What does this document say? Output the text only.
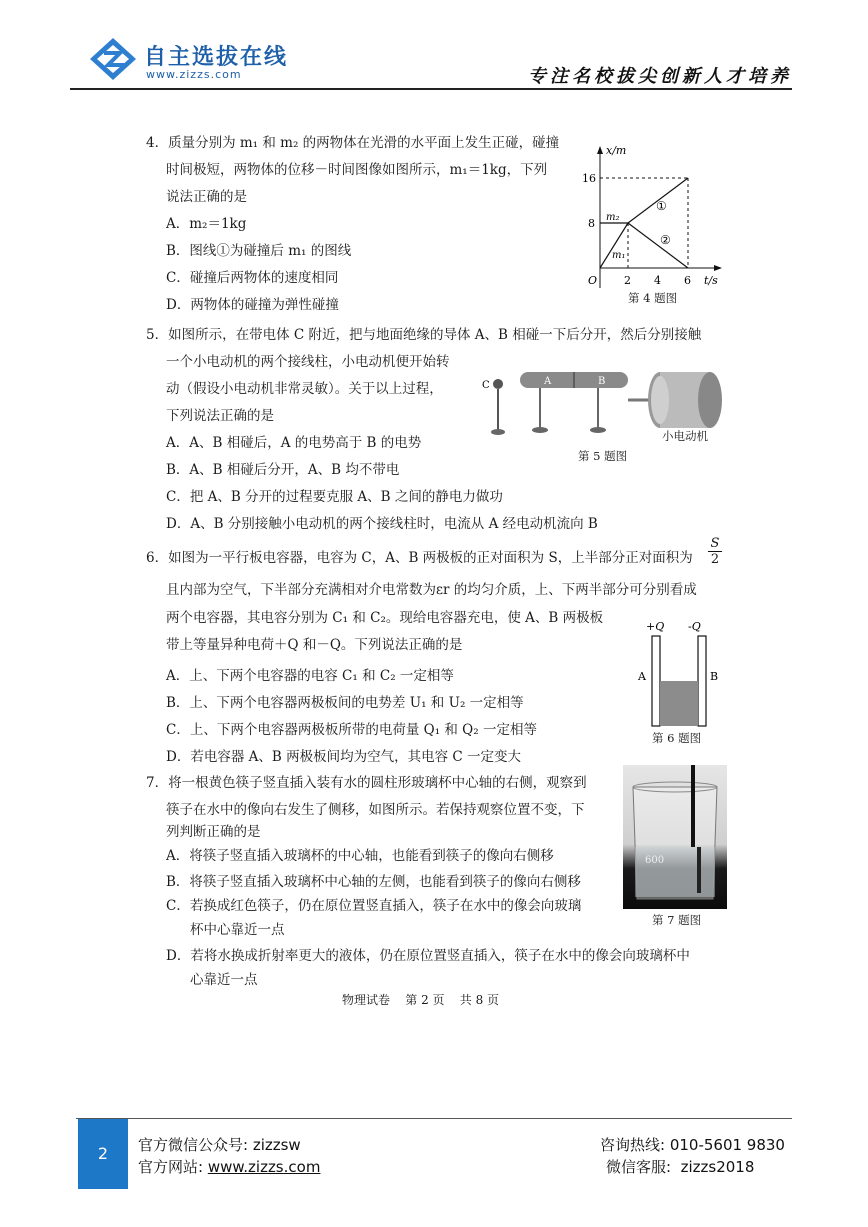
自主选拔在线
www.zizzs.com	专注名校拔尖创新人才培养
4．质量分别为 m₁ 和 m₂ 的两物体在光滑的水平面上发生正碰，碰撞
时间极短，两物体的位移－时间图像如图所示，m₁＝1kg，下列
说法正确的是
A．m₂＝1kg
B．图线①为碰撞后 m₁ 的图线
C．碰撞后两物体的速度相同
D．两物体的碰撞为弹性碰撞
x/m
t/s
O
16
8
2 4 6
m₂
m₁
①
②
第 4 题图
5．如图所示，在带电体 C 附近，把与地面绝缘的导体 A、B 相碰一下后分开，然后分别接触
一个小电动机的两个接线柱，小电动机便开始转
动（假设小电动机非常灵敏）。关于以上过程，
下列说法正确的是
A．A、B 相碰后，A 的电势高于 B 的电势
B．A、B 相碰后分开，A、B 均不带电
C．把 A、B 分开的过程要克服 A、B 之间的静电力做功
D．A、B 分别接触小电动机的两个接线柱时，电流从 A 经电动机流向 B
C	A	B
小电动机
第 5 题图
6．如图为一平行板电容器，电容为 C，A、B 两极板的正对面积为 S，上半部分正对面积为
S
2
且内部为空气，下半部分充满相对介电常数为εr 的均匀介质，上、下两半部分可分别看成
两个电容器，其电容分别为 C₁ 和 C₂。现给电容器充电，使 A、B 两极板
带上等量异种电荷＋Q 和－Q。下列说法正确的是
A．上、下两个电容器的电容 C₁ 和 C₂ 一定相等
B．上、下两个电容器两极板间的电势差 U₁ 和 U₂ 一定相等
C．上、下两个电容器两极板所带的电荷量 Q₁ 和 Q₂ 一定相等
D．若电容器 A、B 两极板间均为空气，其电容 C 一定变大
+Q -Q
A	B
第 6 题图
7．将一根黄色筷子竖直插入装有水的圆柱形玻璃杯中心轴的右侧，观察到
筷子在水中的像向右发生了侧移，如图所示。若保持观察位置不变，下
列判断正确的是
A．将筷子竖直插入玻璃杯的中心轴，也能看到筷子的像向右侧移
B．将筷子竖直插入玻璃杯中心轴的左侧，也能看到筷子的像向右侧移
C．若换成红色筷子，仍在原位置竖直插入，筷子在水中的像会向玻璃
杯中心靠近一点
D．若将水换成折射率更大的液体，仍在原位置竖直插入，筷子在水中的像会向玻璃杯中
心靠近一点
600
第 7 题图
物理试卷    第 2 页    共 8 页
2	官方微信公众号: zizzsw
官方网站: www.zizzs.com
咨询热线: 010-5601 9830
微信客服:  zizzs2018
